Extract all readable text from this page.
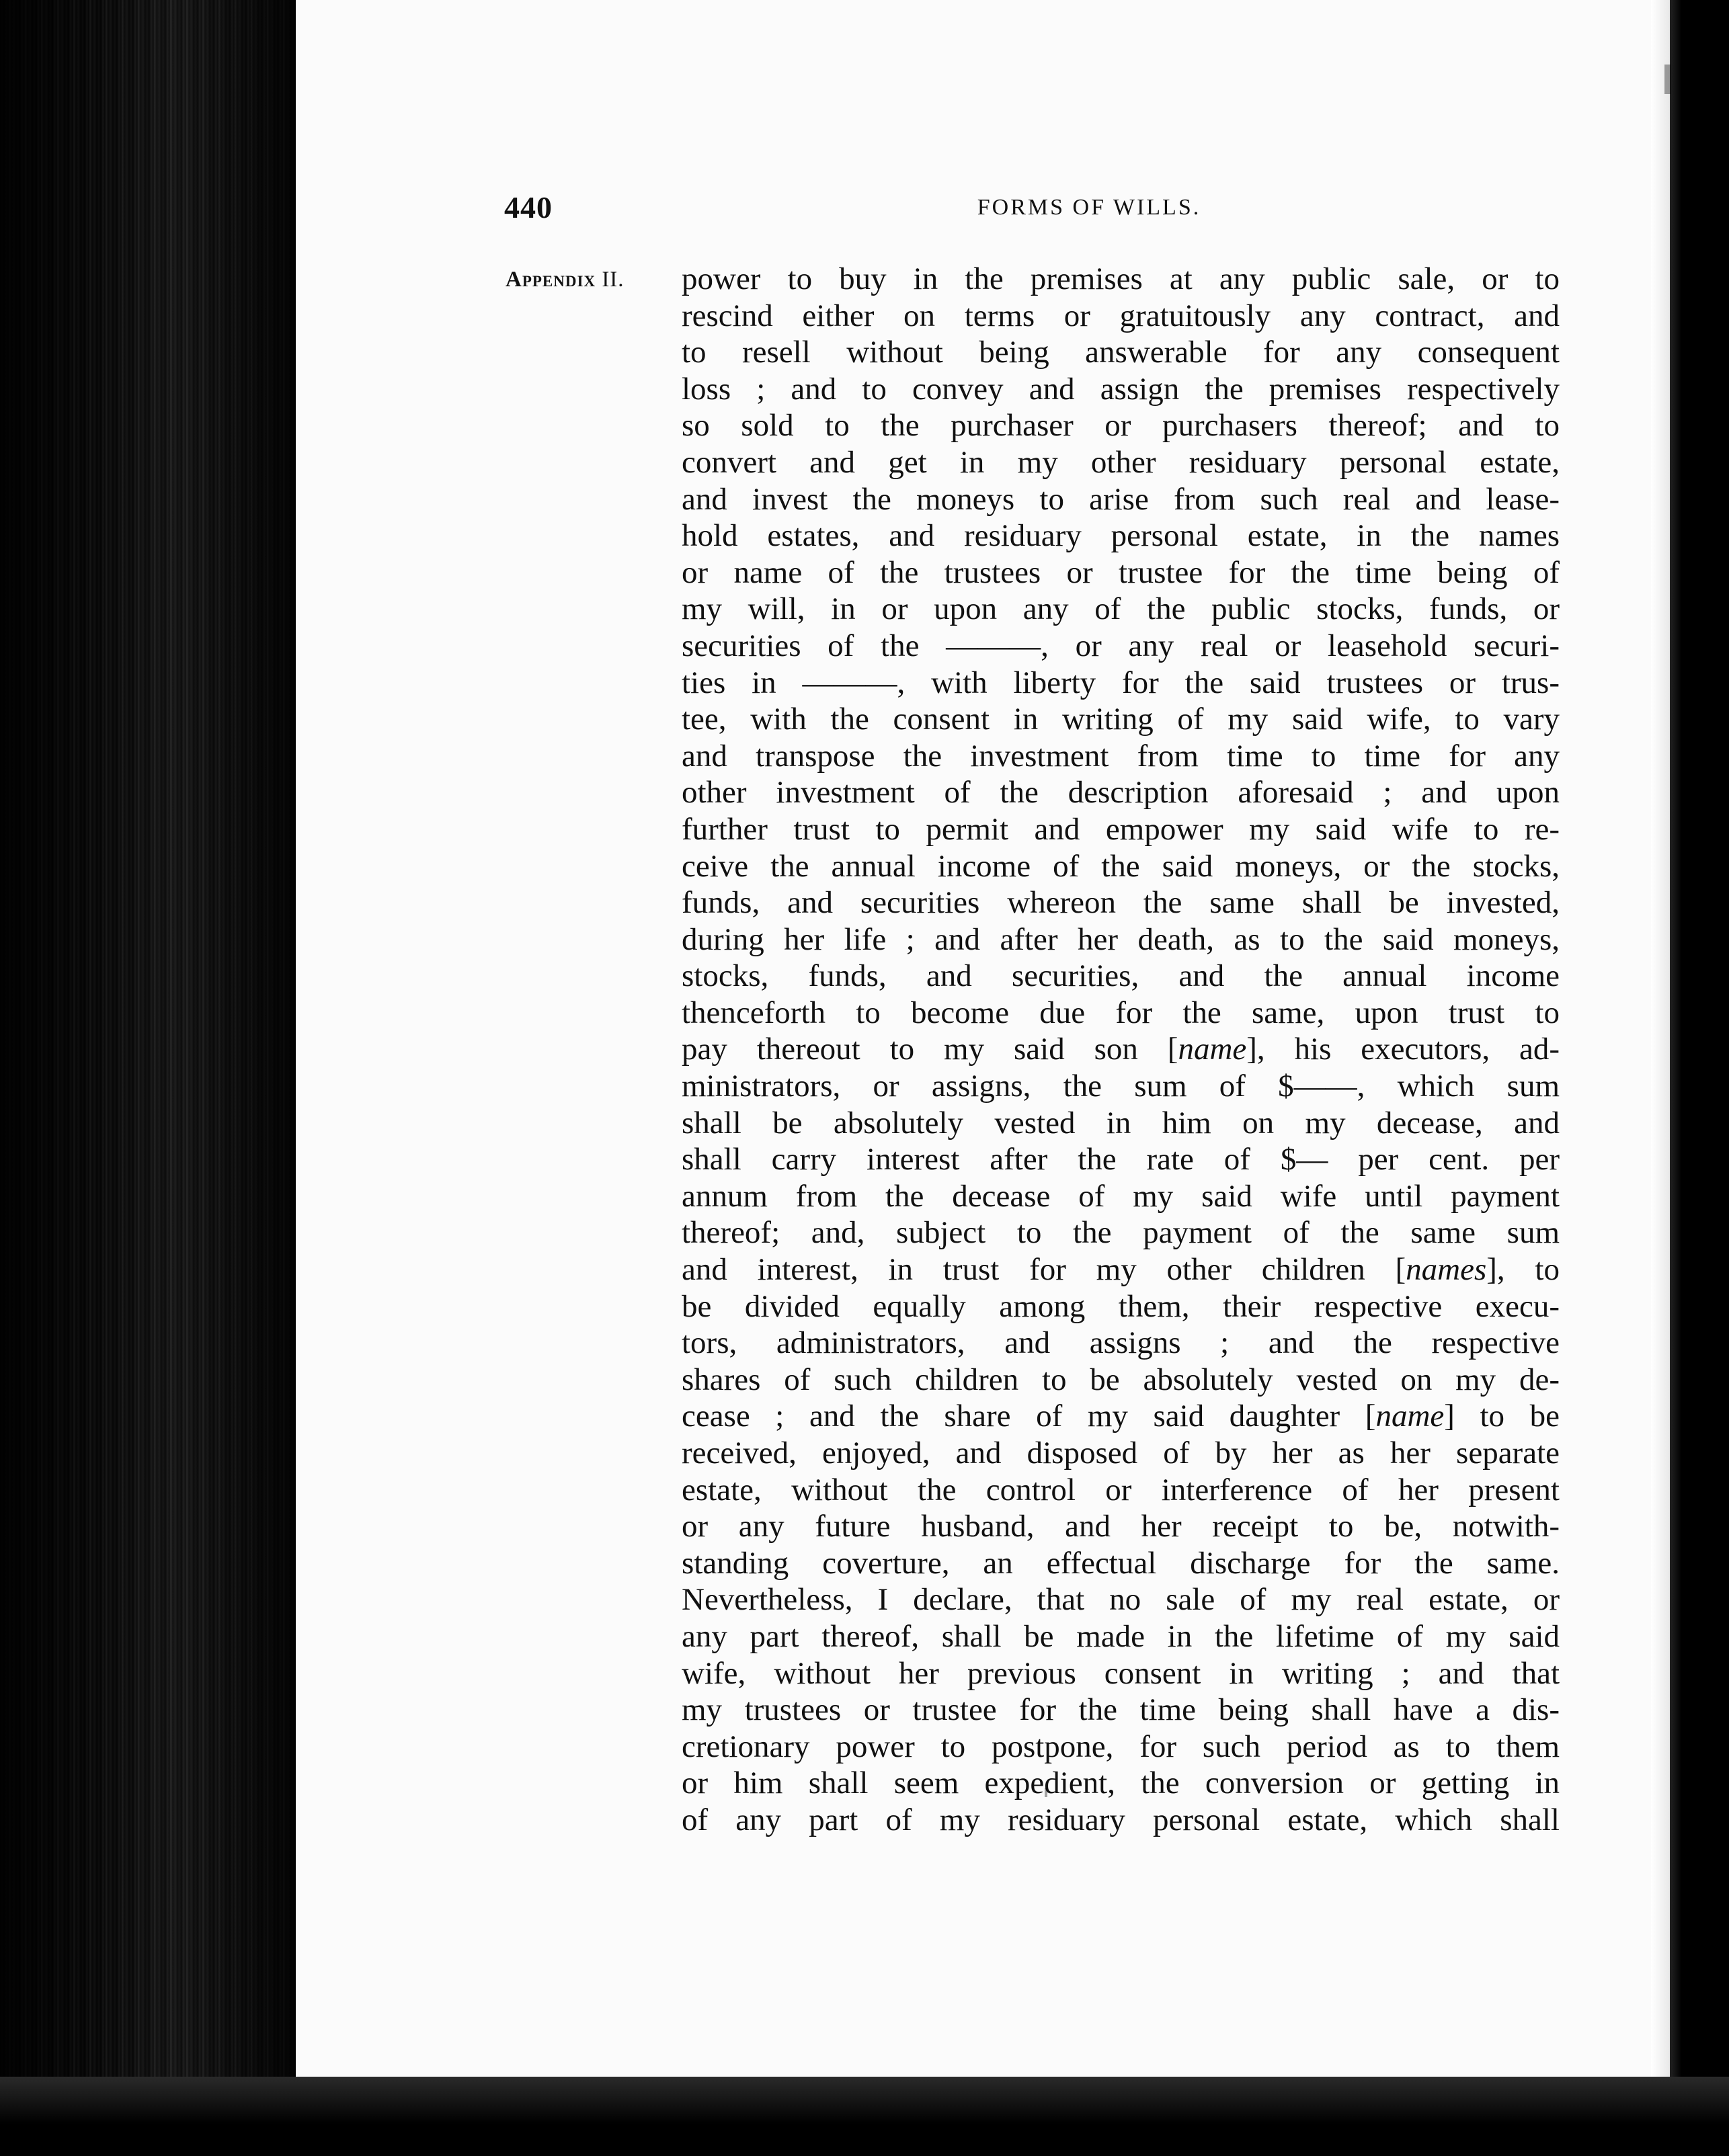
440	FORMS OF WILLS.
Appendix II. power to buy in the premises at any public sale, or to
rescind either on terms or gratuitously any contract, and
to resell without being answerable for any consequent
loss ; and to convey and assign the premises respectively
so sold to the purchaser or purchasers thereof; and to
convert and get in my other residuary personal estate,
and invest the moneys to arise from such real and lease-
hold estates, and residuary personal estate, in the names
or name of the trustees or trustee for the time being of
my will, in or upon any of the public stocks, funds, or
securities of the ———, or any real or leasehold securi-
ties in ———, with liberty for the said trustees or trus-
tee, with the consent in writing of my said wife, to vary
and transpose the investment from time to time for any
other investment of the description aforesaid ; and upon
further trust to permit and empower my said wife to re-
ceive the annual income of the said moneys, or the stocks,
funds, and securities whereon the same shall be invested,
during her life ; and after her death, as to the said moneys,
stocks, funds, and securities, and the annual income
thenceforth to become due for the same, upon trust to
pay thereout to my said son [name], his executors, ad-
ministrators, or assigns, the sum of $——, which sum
shall be absolutely vested in him on my decease, and
shall carry interest after the rate of $— per cent. per
annum from the decease of my said wife until payment
thereof; and, subject to the payment of the same sum
and interest, in trust for my other children [names], to
be divided equally among them, their respective execu-
tors, administrators, and assigns ; and the respective
shares of such children to be absolutely vested on my de-
cease ; and the share of my said daughter [name] to be
received, enjoyed, and disposed of by her as her separate
estate, without the control or interference of her present
or any future husband, and her receipt to be, notwith-
standing coverture, an effectual discharge for the same.
Nevertheless, I declare, that no sale of my real estate, or
any part thereof, shall be made in the lifetime of my said
wife, without her previous consent in writing ; and that
my trustees or trustee for the time being shall have a dis-
cretionary power to postpone, for such period as to them
or him shall seem expedient, the conversion or getting in
of any part of my residuary personal estate, which shall
